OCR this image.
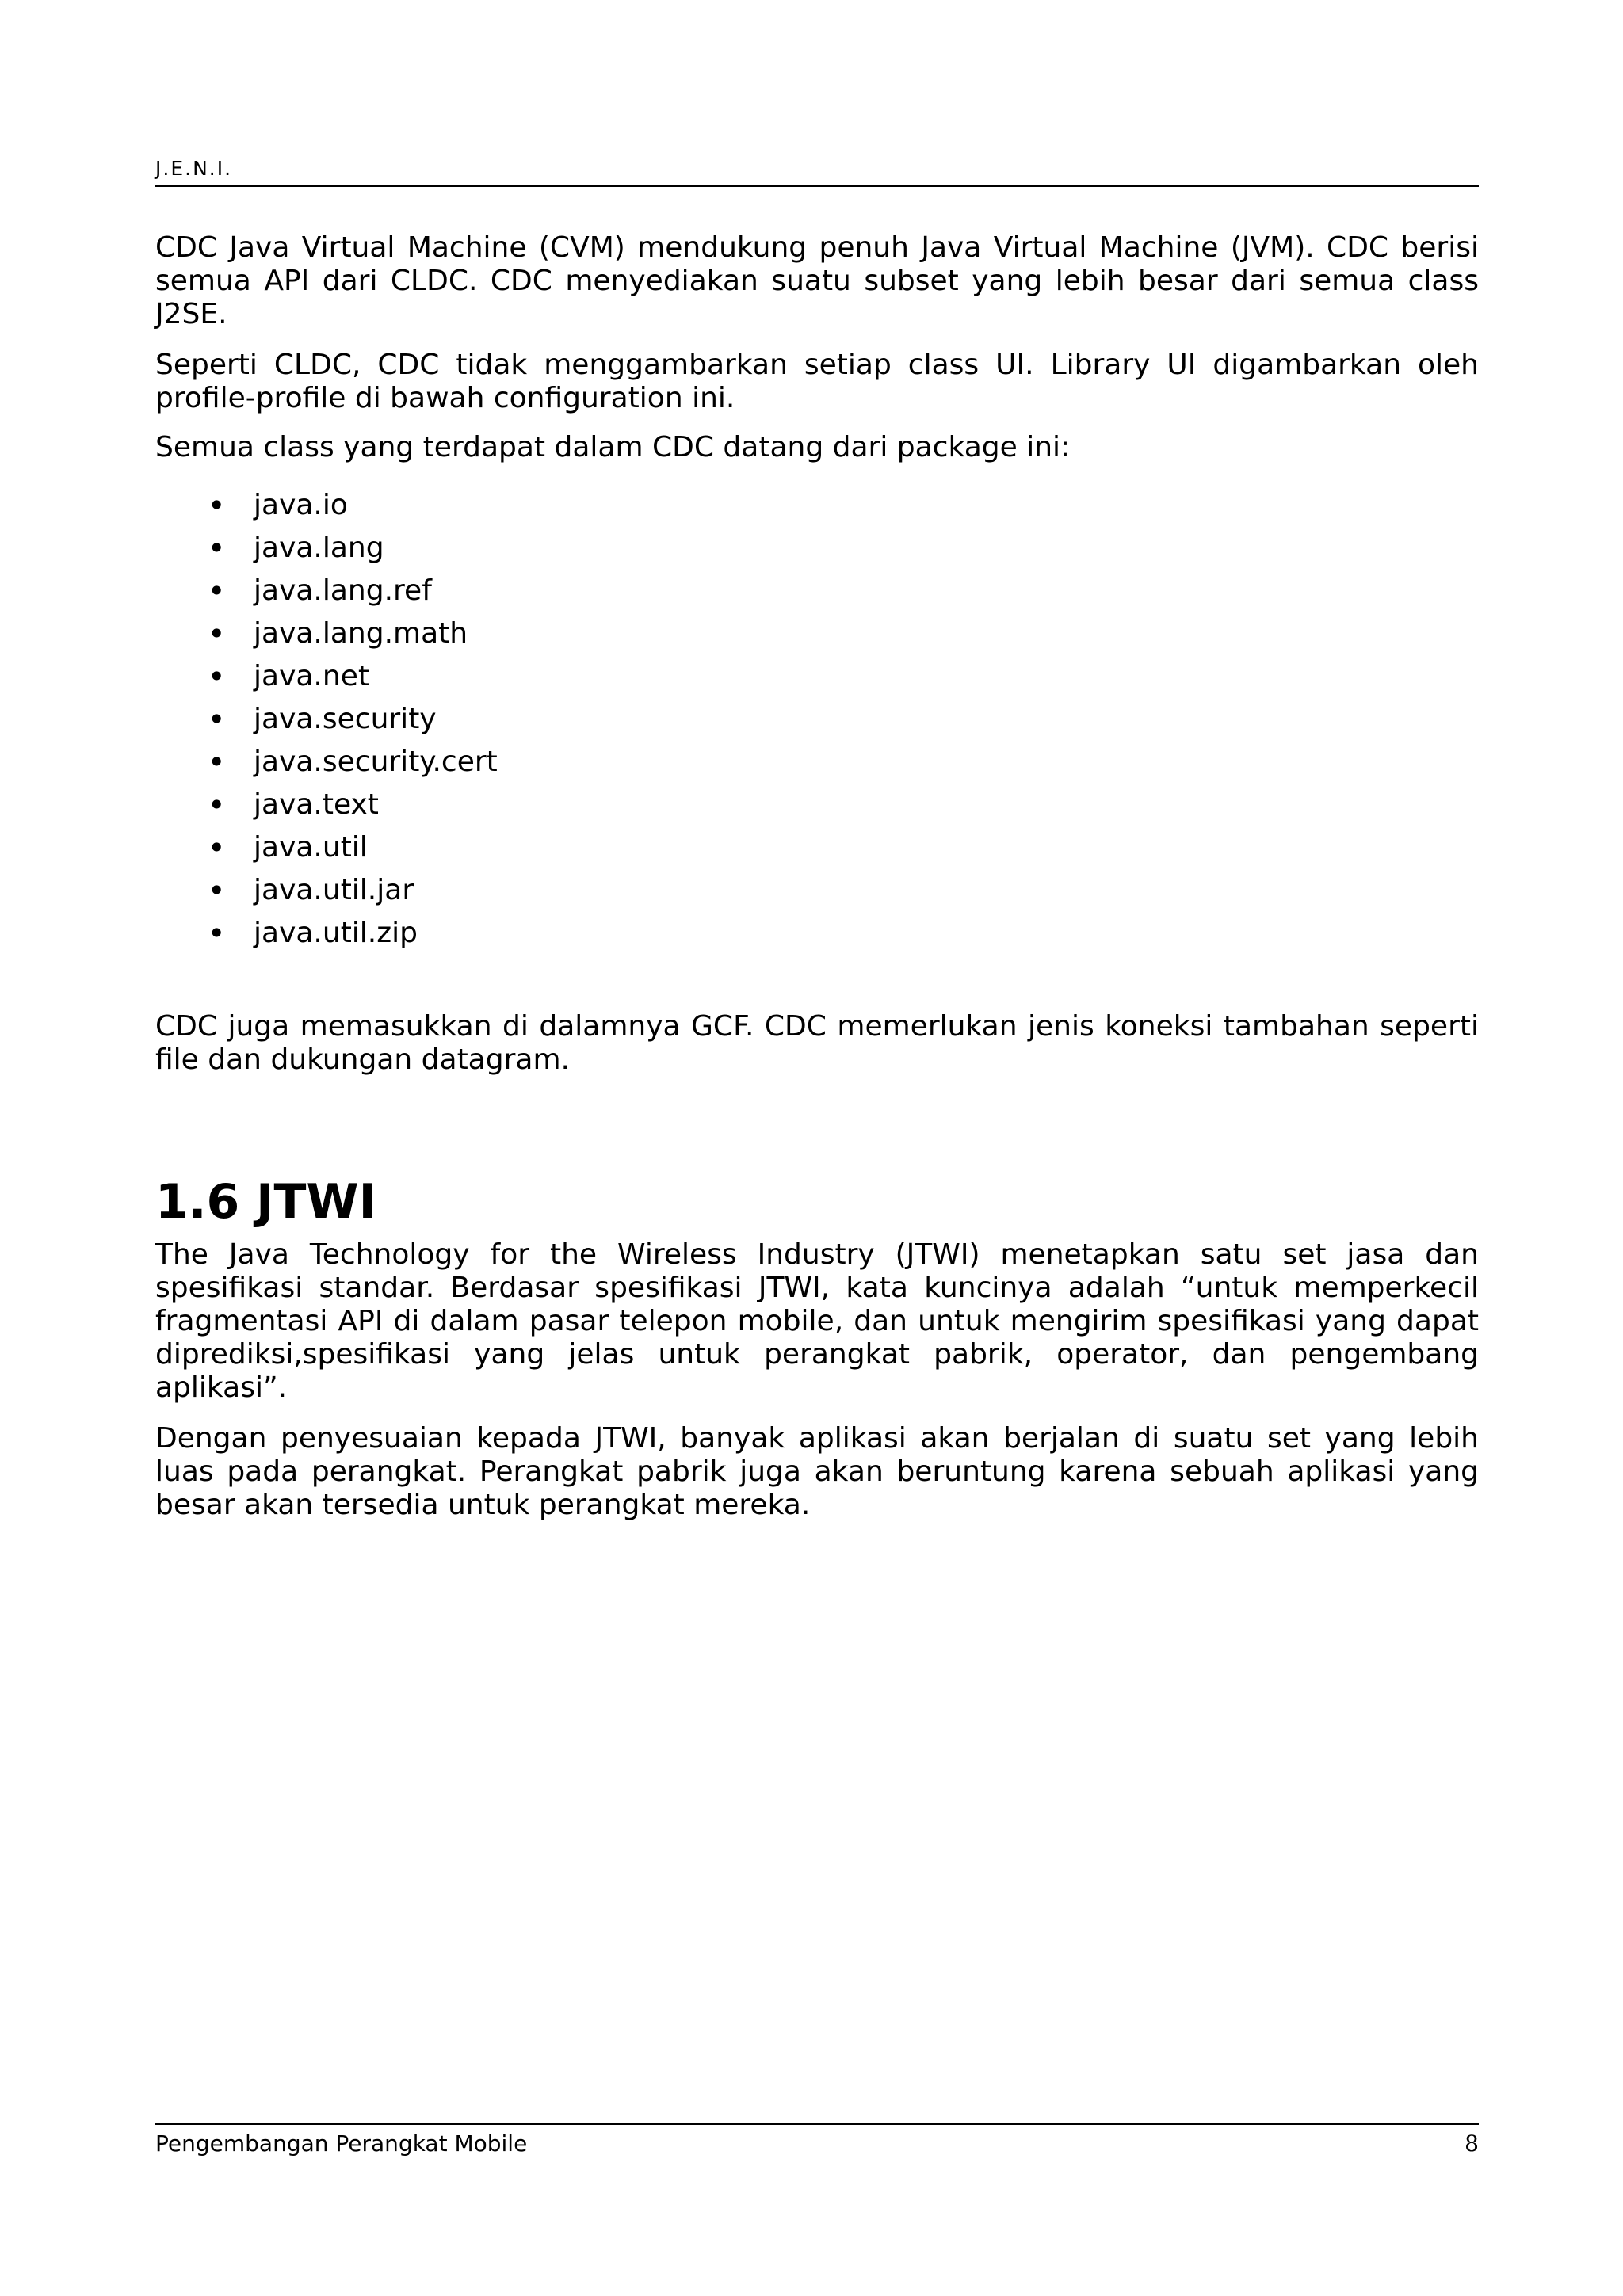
J.E.N.I.

CDC Java Virtual Machine (CVM) mendukung penuh Java Virtual Machine (JVM). CDC berisi semua API dari CLDC. CDC menyediakan suatu subset yang lebih besar dari semua class J2SE.

Seperti CLDC, CDC tidak menggambarkan setiap class UI. Library UI digambarkan oleh profile-profile di bawah configuration ini.

Semua class yang terdapat dalam CDC datang dari package ini:

• java.io
• java.lang
• java.lang.ref
• java.lang.math
• java.net
• java.security
• java.security.cert
• java.text
• java.util
• java.util.jar
• java.util.zip

CDC juga memasukkan di dalamnya GCF. CDC memerlukan jenis koneksi tambahan seperti file dan dukungan datagram.

1.6 JTWI

The Java Technology for the Wireless Industry (JTWI) menetapkan satu set jasa dan spesifikasi standar. Berdasar spesifikasi JTWI, kata kuncinya adalah “untuk memperkecil fragmentasi API di dalam pasar telepon mobile, dan untuk mengirim spesifikasi yang dapat diprediksi,spesifikasi yang jelas untuk perangkat pabrik, operator, dan pengembang aplikasi”.

Dengan penyesuaian kepada JTWI, banyak aplikasi akan berjalan di suatu set yang lebih luas pada perangkat. Perangkat pabrik juga akan beruntung karena sebuah aplikasi yang besar akan tersedia untuk perangkat mereka.

Pengembangan Perangkat Mobile	8
